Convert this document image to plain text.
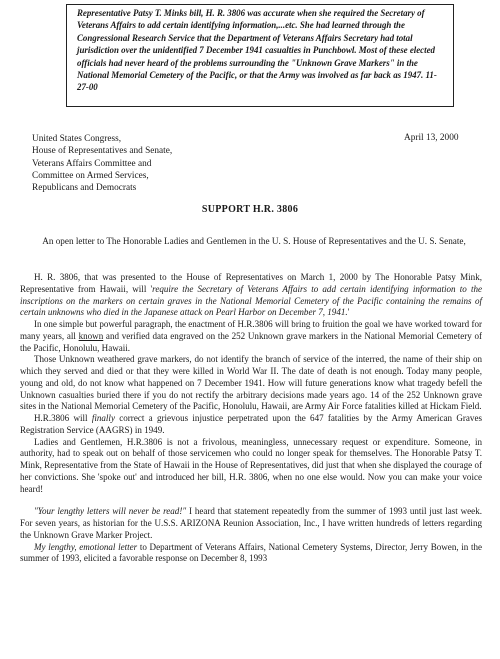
Representative Patsy T. Minks bill, H. R. 3806 was accurate when she required the Secretary of Veterans Affairs to add certain identifying information,...etc. She had learned through the Congressional Research Service that the Department of Veterans Affairs Secretary had total jurisdiction over the unidentified 7 December 1941 casualties in Punchbowl. Most of these elected officials had never heard of the problems surrounding the "Unknown Grave Markers" in the National Memorial Cemetery of the Pacific, or that the Army was involved as far back as 1947. 11-27-00
United States Congress,
House of Representatives and Senate,
Veterans Affairs Committee and
Committee on Armed Services,
Republicans and Democrats
April 13, 2000
SUPPORT H.R. 3806
An open letter to The Honorable Ladies and Gentlemen in the U. S. House of Representatives and the U. S. Senate,

H. R. 3806, that was presented to the House of Representatives on March 1, 2000 by The Honorable Patsy Mink, Representative from Hawaii, will 'require the Secretary of Veterans Affairs to add certain identifying information to the inscriptions on the markers on certain graves in the National Memorial Cemetery of the Pacific containing the remains of certain unknowns who died in the Japanese attack on Pearl Harbor on December 7, 1941.'

In one simple but powerful paragraph, the enactment of H.R.3806 will bring to fruition the goal we have worked toward for many years, all known and verified data engraved on the 252 Unknown grave markers in the National Memorial Cemetery of the Pacific, Honolulu, Hawaii.

Those Unknown weathered grave markers, do not identify the branch of service of the interred, the name of their ship on which they served and died or that they were killed in World War II. The date of death is not enough. Today many people, young and old, do not know what happened on 7 December 1941. How will future generations know what tragedy befell the Unknown casualties buried there if you do not rectify the arbitrary decisions made years ago. 14 of the 252 Unknown grave sites in the National Memorial Cemetery of the Pacific, Honolulu, Hawaii, are Army Air Force fatalities killed at Hickam Field.

H.R.3806 will finally correct a grievous injustice perpetrated upon the 647 fatalities by the Army American Graves Registration Service (AAGRS) in 1949.

Ladies and Gentlemen, H.R.3806 is not a frivolous, meaningless, unnecessary request or expenditure. Someone, in authority, had to speak out on behalf of those servicemen who could no longer speak for themselves. The Honorable Patsy T. Mink, Representative from the State of Hawaii in the House of Representatives, did just that when she displayed the courage of her convictions. She 'spoke out' and introduced her bill, H.R. 3806, when no one else would. Now you can make your voice heard!

"Your lengthy letters will never be read!" I heard that statement repeatedly from the summer of 1993 until just last week. For seven years, as historian for the U.S.S. ARIZONA Reunion Association, Inc., I have written hundreds of letters regarding the Unknown Grave Marker Project.

My lengthy, emotional letter to Department of Veterans Affairs, National Cemetery Systems, Director, Jerry Bowen, in the summer of 1993, elicited a favorable response on December 8, 1993
